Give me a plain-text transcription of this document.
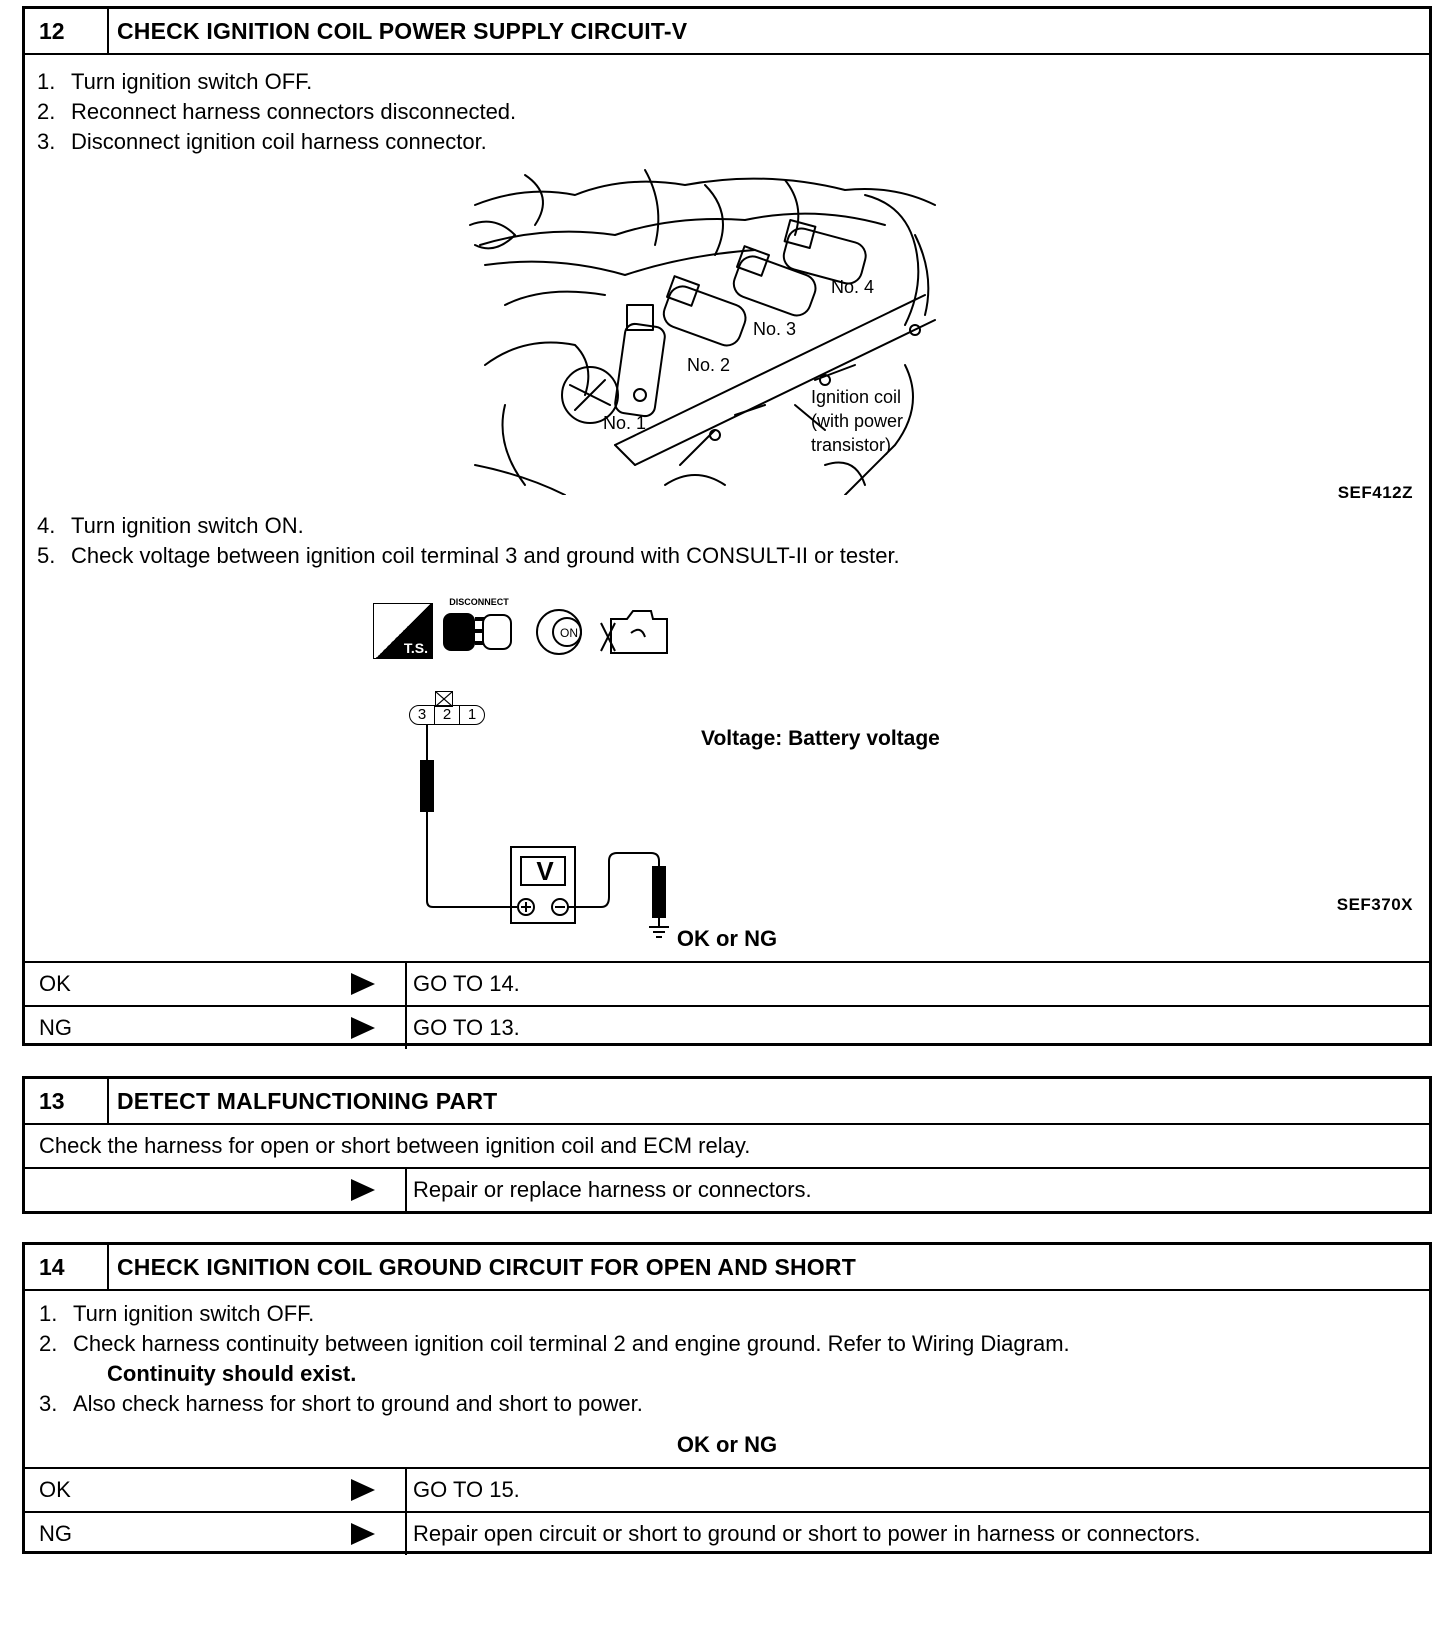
12	CHECK IGNITION COIL POWER SUPPLY CIRCUIT-V
1. Turn ignition switch OFF.
2. Reconnect harness connectors disconnected.
3. Disconnect ignition coil harness connector.
No. 1
No. 2
No. 3
No. 4
Ignition coil
(with power
transistor)
SEF412Z
4. Turn ignition switch ON.
5. Check voltage between ignition coil terminal 3 and ground with CONSULT-II or tester.
T.S.
DISCONNECT
ON
3	2	1
V
Voltage: Battery voltage
SEF370X
OK or NG
OK	GO TO 14.
NG	GO TO 13.
13	DETECT MALFUNCTIONING PART
Check the harness for open or short between ignition coil and ECM relay.
Repair or replace harness or connectors.
14	CHECK IGNITION COIL GROUND CIRCUIT FOR OPEN AND SHORT
1. Turn ignition switch OFF.
2. Check harness continuity between ignition coil terminal 2 and engine ground. Refer to Wiring Diagram.
Continuity should exist.
3. Also check harness for short to ground and short to power.
OK or NG
OK	GO TO 15.
NG	Repair open circuit or short to ground or short to power in harness or connectors.
